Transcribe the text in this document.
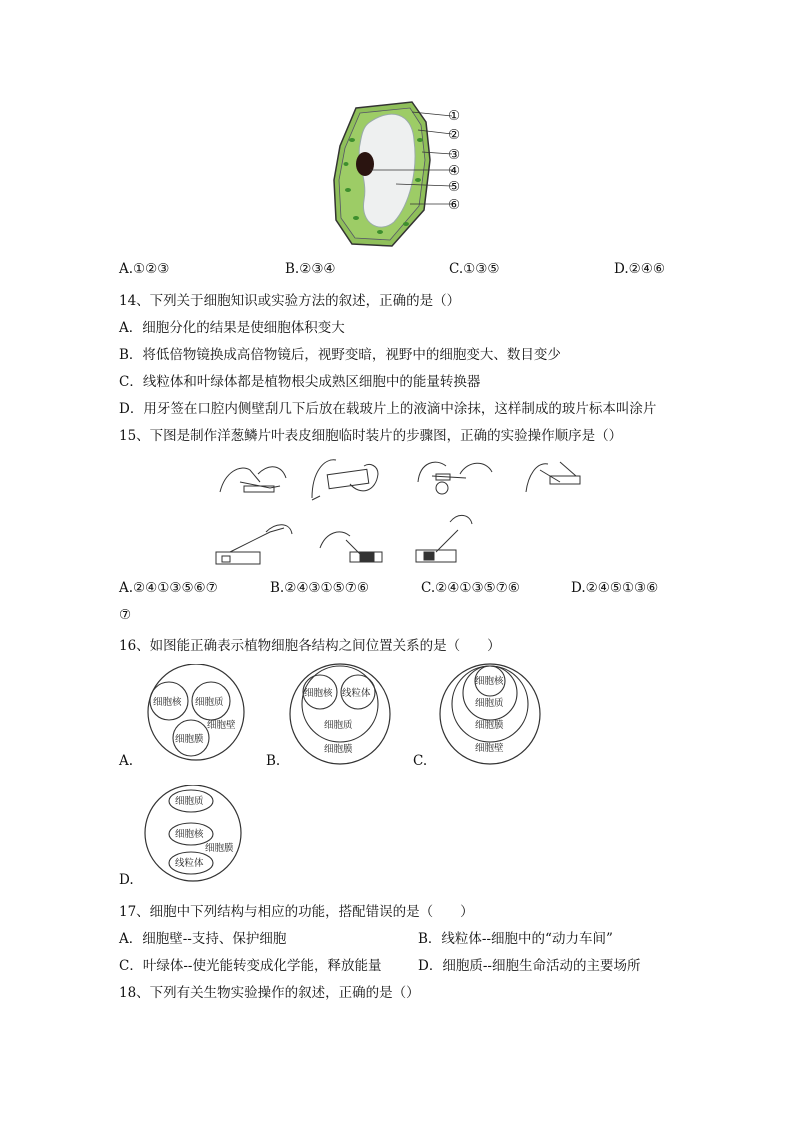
①
②
③
④
⑤
⑥
A.①②③	B.②③④	C.①③⑤	D.②④⑥
14、下列关于细胞知识或实验方法的叙述，正确的是（）
A．细胞分化的结果是使细胞体积变大
B．将低倍物镜换成高倍物镜后，视野变暗，视野中的细胞变大、数目变少
C．线粒体和叶绿体都是植物根尖成熟区细胞中的能量转换器
D．用牙签在口腔内侧壁刮几下后放在载玻片上的液滴中涂抹，这样制成的玻片标本叫涂片
15、下图是制作洋葱鳞片叶表皮细胞临时装片的步骤图，正确的实验操作顺序是（）
A.②④①③⑤⑥⑦	B.②④③①⑤⑦⑥	C.②④①③⑤⑦⑥	D.②④⑤①③⑥
⑦
16、如图能正确表示植物细胞各结构之间位置关系的是（　　）
细胞核 细胞质
细胞壁
细胞膜
A.
细胞核 线粒体
细胞质
细胞膜
B.
细胞核
细胞质
细胞膜
细胞壁
C.
细胞质
细胞核
细胞膜
线粒体
D.
17、细胞中下列结构与相应的功能，搭配错误的是（　　）
A．细胞壁--支持、保护细胞	B．线粒体--细胞中的“动力车间”
C．叶绿体--使光能转变成化学能，释放能量	D．细胞质--细胞生命活动的主要场所
18、下列有关生物实验操作的叙述，正确的是（）
